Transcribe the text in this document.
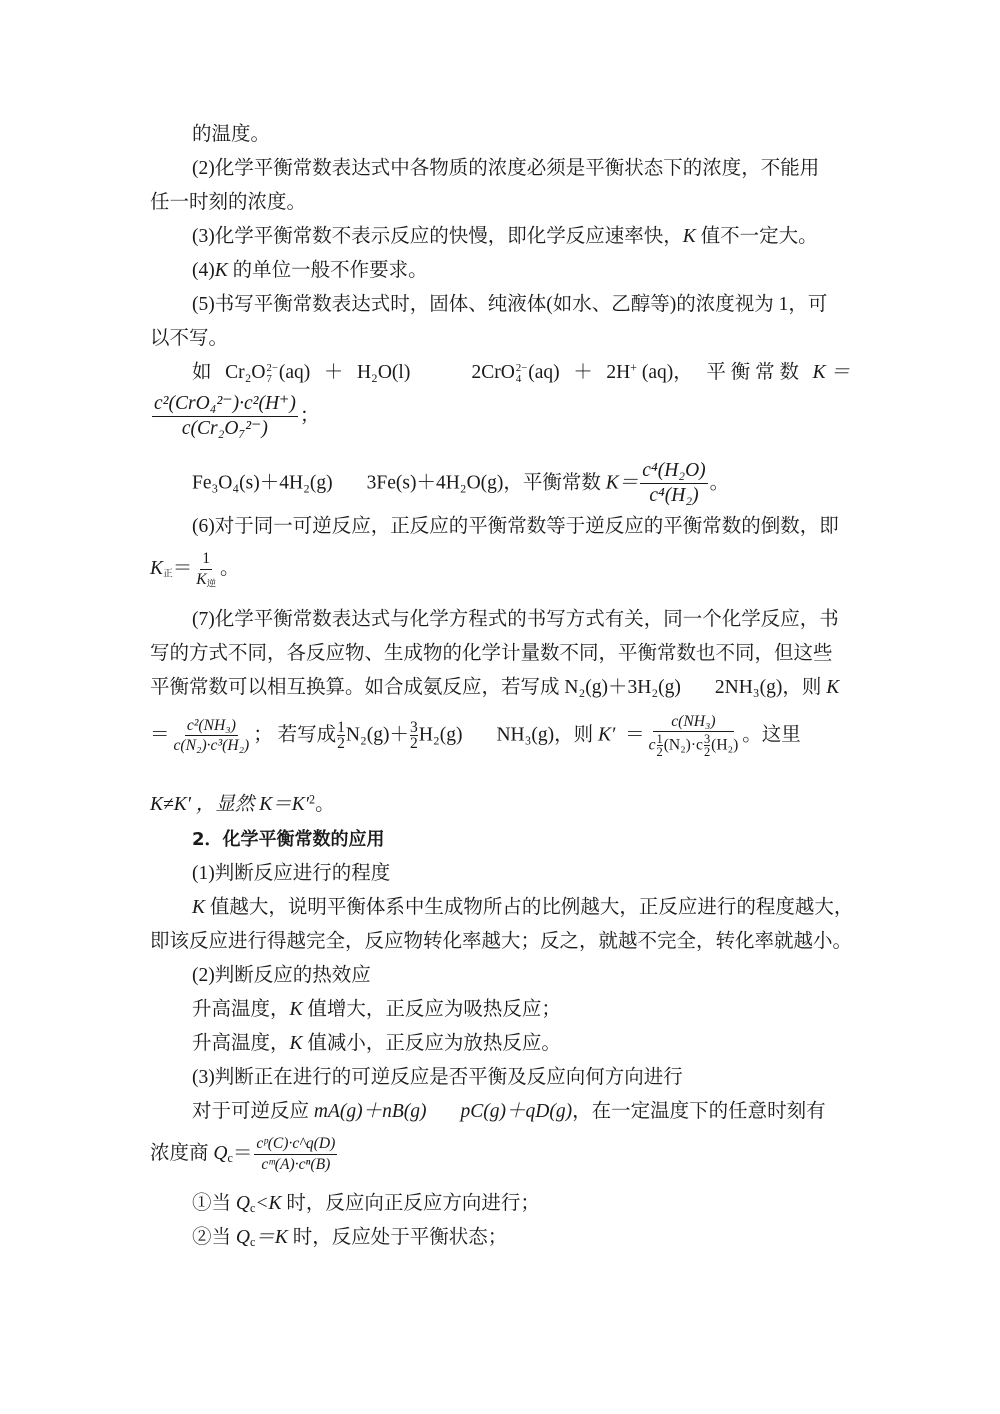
的温度。
(2)化学平衡常数表达式中各物质的浓度必须是平衡状态下的浓度，不能用
任一时刻的浓度。
(3)化学平衡常数不表示反应的快慢，即化学反应速率快，K 值不一定大。
(4)K 的单位一般不作要求。
(5)书写平衡常数表达式时，固体、纯液体(如水、乙醇等)的浓度视为 1，可
以不写。
如 Cr₂O 2−
7 (aq) ＋ H₂O(l)	2CrO 2−
4 (aq) ＋ 2H+ (aq)， 平 衡 常 数 K ＝
$\frac{\text{c²(CrO₄²⁻)·c²(H⁺)}}{\text{c(Cr₂O₇²⁻)}}$ ；
Fe₃O₄(s)＋4H₂(g) 3Fe(s)＋4H₂O(g)，平衡常数 $K= \frac{\text{c⁴(H₂O)}}{\text{c⁴(H₂)}}$ 。
(6)对于同一可逆反应，正反应的平衡常数等于逆反应的平衡常数的倒数，即
$K_正= \frac{1}{K_逆}$ 。
(7)化学平衡常数表达式与化学方程式的书写方式有关，同一个化学反应，书
写的方式不同，各反应物、生成物的化学计量数不同，平衡常数也不同，但这些
平衡常数可以相互换算。如合成氨反应，若写成 N₂(g)＋3H₂(g) 2NH₃(g)，则 K
＝ $\frac{\text{c²(NH₃)}}{\text{c(N₂)·c³(H₂)}}$ ； 若写成 $\frac{1}{2} N_2(g)+ \frac{3}{2} H_2(g)$ NH₃(g)，则 $K' = \frac{\text{c(NH₃)}}{c \frac{1}{2} (N_2)\cdot c \frac{3}{2} (H_2)}$ 。这里
K≠K′ ，显然 $K=K'^2$。
2．化学平衡常数的应用
(1)判断反应进行的程度
K 值越大，说明平衡体系中生成物所占的比例越大，正反应进行的程度越大，
即该反应进行得越完全，反应物转化率越大；反之，就越不完全，转化率就越小。
(2)判断反应的热效应
升高温度，K 值增大，正反应为吸热反应；
升高温度，K 值减小，正反应为放热反应。
(3)判断正在进行的可逆反应是否平衡及反应向何方向进行
对于可逆反应 mA(g)＋nB(g) pC(g)＋qD(g)，在一定温度下的任意时刻有
浓度商 $Q_c= \frac{\text{cᵖ(C)·c\textasciicircum{}q(D)}}{\text{cᵐ(A)·cⁿ(B)}}$
①当 $Q_c<K$ 时，反应向正反应方向进行；
②当 $Q_c=K$ 时，反应处于平衡状态；
